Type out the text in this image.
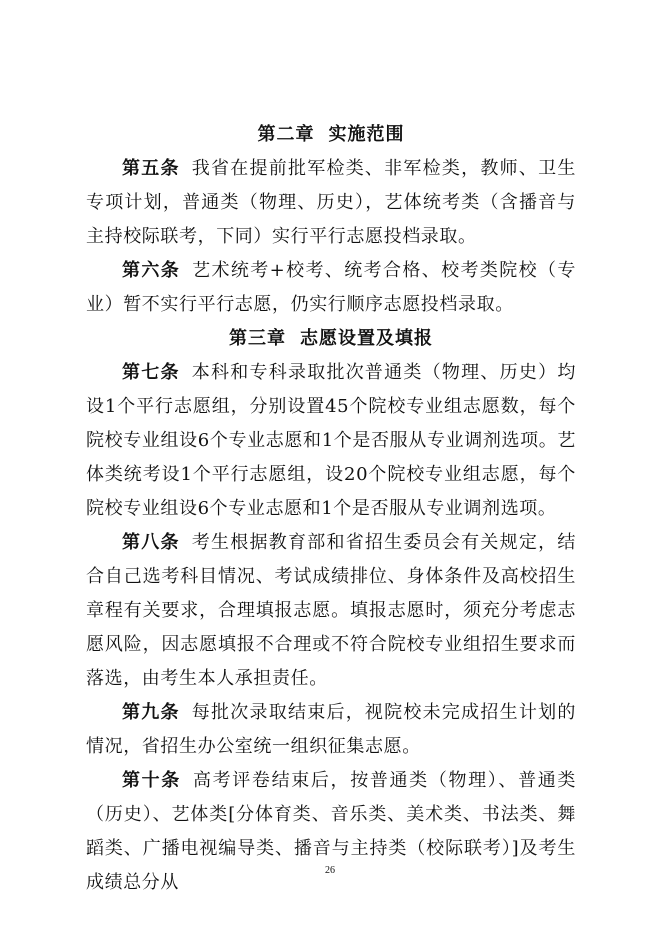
第二章 实施范围

第五条 我省在提前批军检类、非军检类，教师、卫生专项计划，普通类（物理、历史），艺体统考类（含播音与主持校际联考，下同）实行平行志愿投档录取。

第六条 艺术统考+校考、统考合格、校考类院校（专业）暂不实行平行志愿，仍实行顺序志愿投档录取。

第三章 志愿设置及填报

第七条 本科和专科录取批次普通类（物理、历史）均设1个平行志愿组，分别设置45个院校专业组志愿数，每个院校专业组设6个专业志愿和1个是否服从专业调剂选项。艺体类统考设1个平行志愿组，设20个院校专业组志愿，每个院校专业组设6个专业志愿和1个是否服从专业调剂选项。

第八条 考生根据教育部和省招生委员会有关规定，结合自己选考科目情况、考试成绩排位、身体条件及高校招生章程有关要求，合理填报志愿。填报志愿时，须充分考虑志愿风险，因志愿填报不合理或不符合院校专业组招生要求而落选，由考生本人承担责任。

第九条 每批次录取结束后，视院校未完成招生计划的情况，省招生办公室统一组织征集志愿。

第十条 高考评卷结束后，按普通类（物理）、普通类（历史）、艺体类[分体育类、音乐类、美术类、书法类、舞蹈类、广播电视编导类、播音与主持类（校际联考）]及考生成绩总分从

26
